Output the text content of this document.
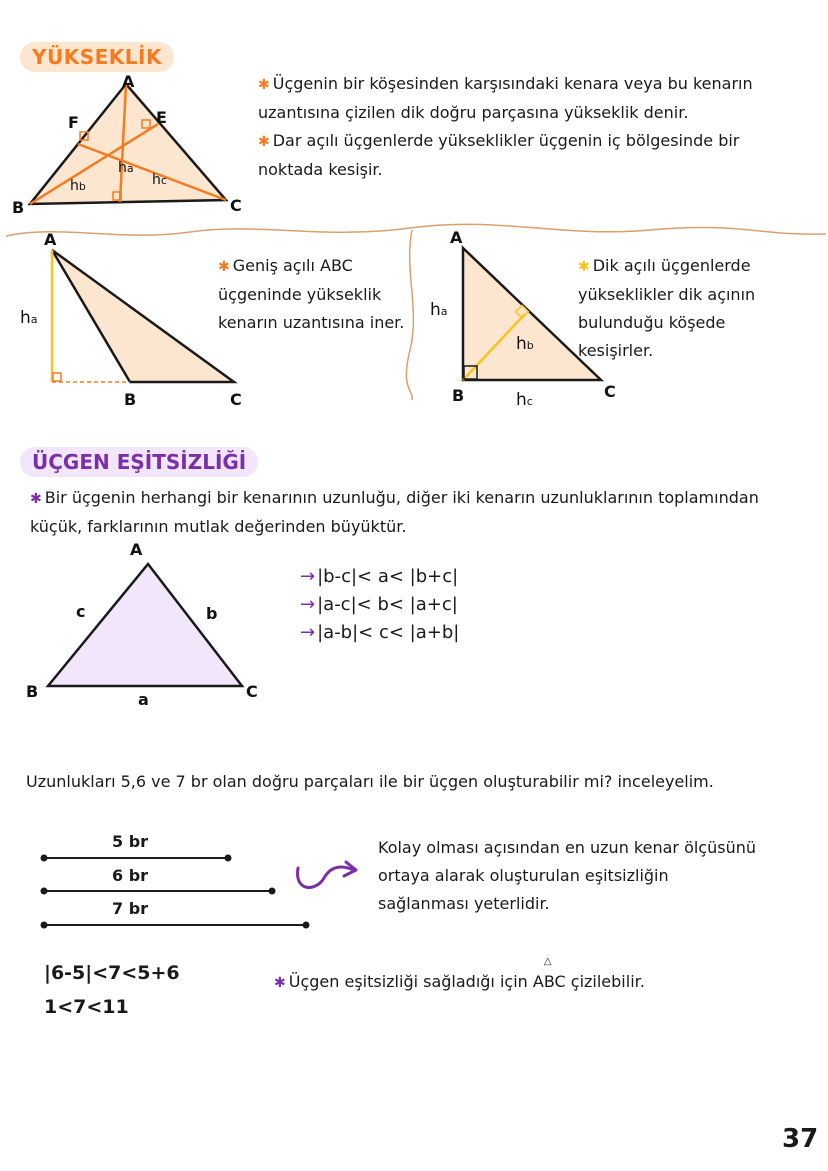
YÜKSEKLİK
A
B	C
E
F
ha
hb	hc

✱ Üçgenin bir köşesinden karşısındaki kenara veya bu kenarın uzantısına çizilen dik doğru parçasına yükseklik denir.

✱ Dar açılı üçgenlerde yükseklikler üçgenin iç bölgesinde bir noktada kesişir.

A
B	C
ha
✱ Geniş açılı ABC üçgeninde yükseklik kenarın uzantısına iner.
A
B	C
ha
hb
hc
✱ Dik açılı üçgenlerde yükseklikler dik açının bulunduğu köşede kesişirler.
ÜÇGEN EŞİTSİZLİĞİ
✱ Bir üçgenin herhangi bir kenarının uzunluğu, diğer iki kenarın uzunluklarının toplamından küçük, farklarının mutlak değerinden büyüktür.
A
B	C
a
b
c
→ |b-c|< a< |b+c|
→ |a-c|< b< |a+c|
→ |a-b|< c< |a+b|
Uzunlukları 5,6 ve 7 br olan doğru parçaları ile bir üçgen oluşturabilir mi? inceleyelim.
5 br
6 br
7 br
Kolay olması açısından en uzun kenar ölçüsünü ortaya alarak oluşturulan eşitsizliğin sağlanması yeterlidir.
|6-5|<7<5+6
1<7<11
✱ Üçgen eşitsizliği sağladığı için
△
ABC çizilebilir.
37
